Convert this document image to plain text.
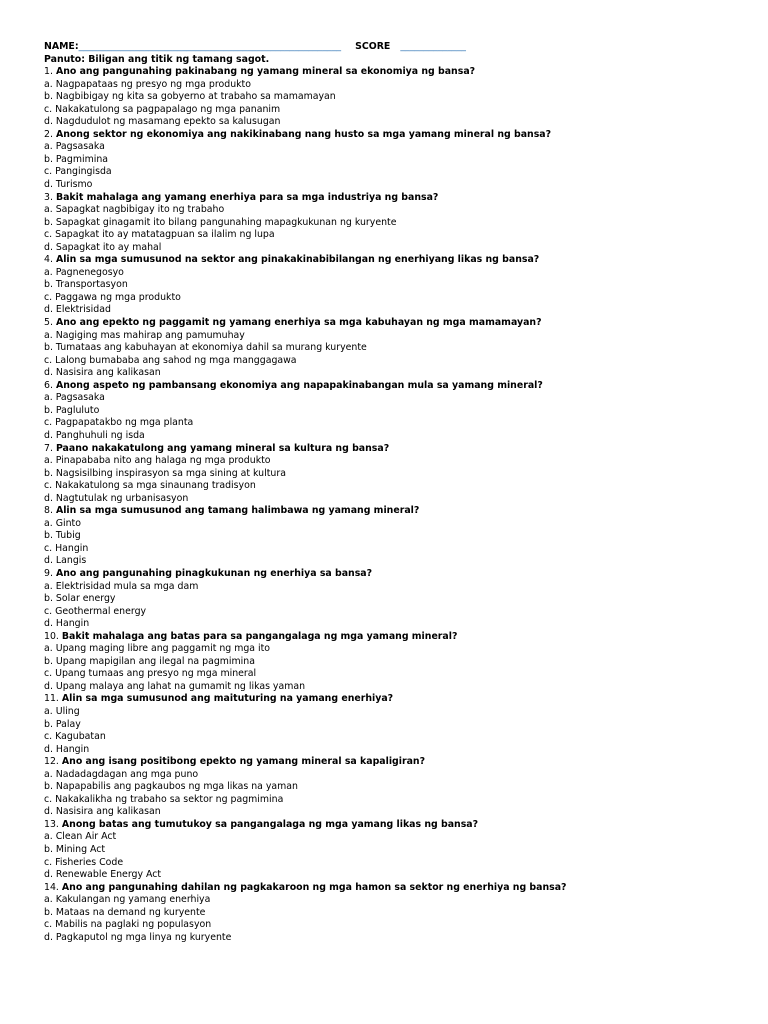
NAME:________________________________________________________ SCORE ______________
Panuto: Biligan ang titik ng tamang sagot.
1. Ano ang pangunahing pakinabang ng yamang mineral sa ekonomiya ng bansa?
a. Nagpapataas ng presyo ng mga produkto
b. Nagbibigay ng kita sa gobyerno at trabaho sa mamamayan
c. Nakakatulong sa pagpapalago ng mga pananim
d. Nagdudulot ng masamang epekto sa kalusugan
2. Anong sektor ng ekonomiya ang nakikinabang nang husto sa mga yamang mineral ng bansa?
a. Pagsasaka
b. Pagmimina
c. Pangingisda
d. Turismo
3. Bakit mahalaga ang yamang enerhiya para sa mga industriya ng bansa?
a. Sapagkat nagbibigay ito ng trabaho
b. Sapagkat ginagamit ito bilang pangunahing mapagkukunan ng kuryente
c. Sapagkat ito ay matatagpuan sa ilalim ng lupa
d. Sapagkat ito ay mahal
4. Alin sa mga sumusunod na sektor ang pinakakinabibilangan ng enerhiyang likas ng bansa?
a. Pagnenegosyo
b. Transportasyon
c. Paggawa ng mga produkto
d. Elektrisidad
5. Ano ang epekto ng paggamit ng yamang enerhiya sa mga kabuhayan ng mga mamamayan?
a. Nagiging mas mahirap ang pamumuhay
b. Tumataas ang kabuhayan at ekonomiya dahil sa murang kuryente
c. Lalong bumababa ang sahod ng mga manggagawa
d. Nasisira ang kalikasan
6. Anong aspeto ng pambansang ekonomiya ang napapakinabangan mula sa yamang mineral?
a. Pagsasaka
b. Pagluluto
c. Pagpapatakbo ng mga planta
d. Panghuhuli ng isda
7. Paano nakakatulong ang yamang mineral sa kultura ng bansa?
a. Pinapababa nito ang halaga ng mga produkto
b. Nagsisilbing inspirasyon sa mga sining at kultura
c. Nakakatulong sa mga sinaunang tradisyon
d. Nagtutulak ng urbanisasyon
8. Alin sa mga sumusunod ang tamang halimbawa ng yamang mineral?
a. Ginto
b. Tubig
c. Hangin
d. Langis
9. Ano ang pangunahing pinagkukunan ng enerhiya sa bansa?
a. Elektrisidad mula sa mga dam
b. Solar energy
c. Geothermal energy
d. Hangin
10. Bakit mahalaga ang batas para sa pangangalaga ng mga yamang mineral?
a. Upang maging libre ang paggamit ng mga ito
b. Upang mapigilan ang ilegal na pagmimina
c. Upang tumaas ang presyo ng mga mineral
d. Upang malaya ang lahat na gumamit ng likas yaman
11. Alin sa mga sumusunod ang maituturing na yamang enerhiya?
a. Uling
b. Palay
c. Kagubatan
d. Hangin
12. Ano ang isang positibong epekto ng yamang mineral sa kapaligiran?
a. Nadadagdagan ang mga puno
b. Napapabilis ang pagkaubos ng mga likas na yaman
c. Nakakalikha ng trabaho sa sektor ng pagmimina
d. Nasisira ang kalikasan
13. Anong batas ang tumutukoy sa pangangalaga ng mga yamang likas ng bansa?
a. Clean Air Act
b. Mining Act
c. Fisheries Code
d. Renewable Energy Act
14. Ano ang pangunahing dahilan ng pagkakaroon ng mga hamon sa sektor ng enerhiya ng bansa?
a. Kakulangan ng yamang enerhiya
b. Mataas na demand ng kuryente
c. Mabilis na paglaki ng populasyon
d. Pagkaputol ng mga linya ng kuryente
